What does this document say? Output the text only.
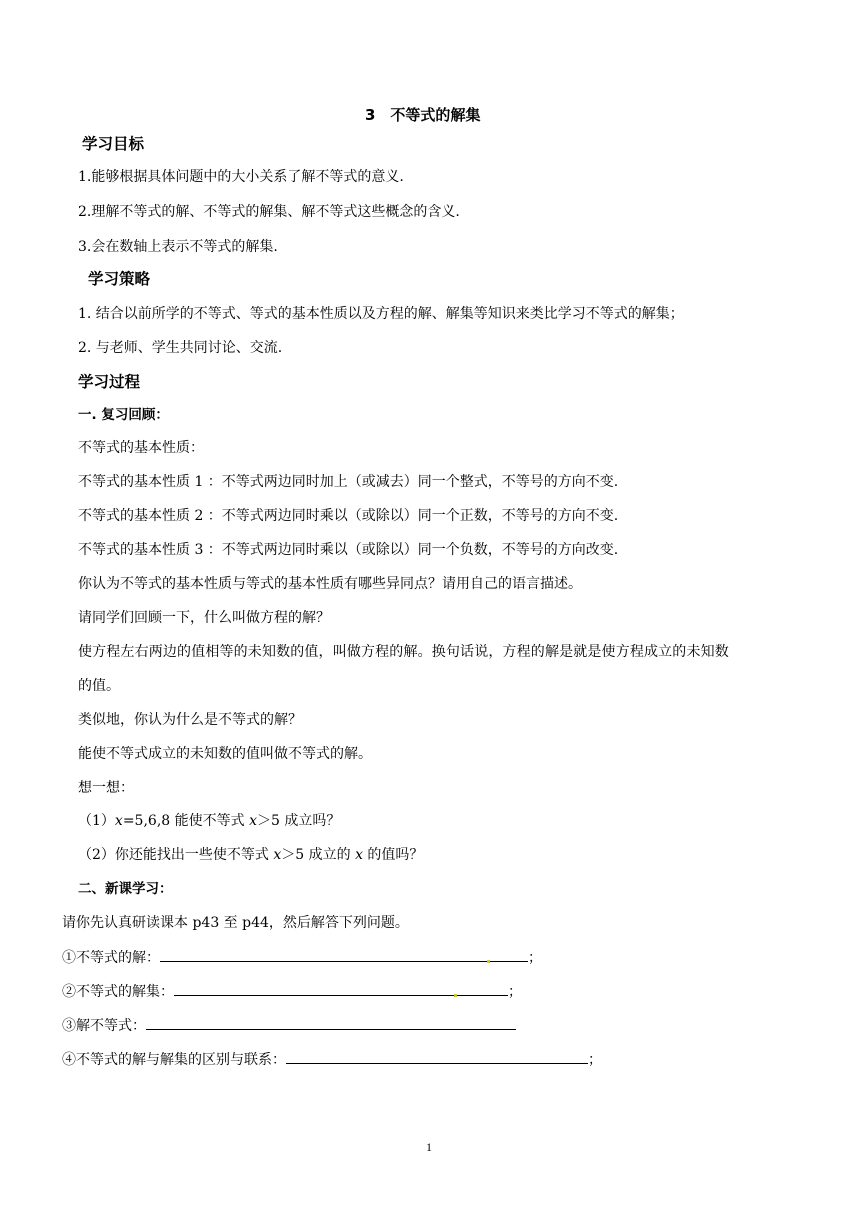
3　不等式的解集
学习目标
1.能够根据具体问题中的大小关系了解不等式的意义.
2.理解不等式的解、不等式的解集、解不等式这些概念的含义.
3.会在数轴上表示不等式的解集.
学习策略
1. 结合以前所学的不等式、等式的基本性质以及方程的解、解集等知识来类比学习不等式的解集；
2. 与老师、学生共同讨论、交流.
学习过程
一. 复习回顾：
不等式的基本性质：
不等式的基本性质 1 ：不等式两边同时加上（或减去）同一个整式，不等号的方向不变.
不等式的基本性质 2 ：不等式两边同时乘以（或除以）同一个正数，不等号的方向不变.
不等式的基本性质 3 ：不等式两边同时乘以（或除以）同一个负数，不等号的方向改变.
你认为不等式的基本性质与等式的基本性质有哪些异同点？请用自己的语言描述。
请同学们回顾一下，什么叫做方程的解？
使方程左右两边的值相等的未知数的值，叫做方程的解。换句话说，方程的解是就是使方程成立的未知数
的值。
类似地，你认为什么是不等式的解？
能使不等式成立的未知数的值叫做不等式的解。
想一想：
（1）x=5,6,8 能使不等式 x＞5 成立吗？
（2）你还能找出一些使不等式 x＞5 成立的 x 的值吗？
二、新课学习：
请你先认真研读课本 p43 至 p44，然后解答下列问题。
①不等式的解：	；
②不等式的解集：	；
③解不等式：
④不等式的解与解集的区别与联系：	；
1
